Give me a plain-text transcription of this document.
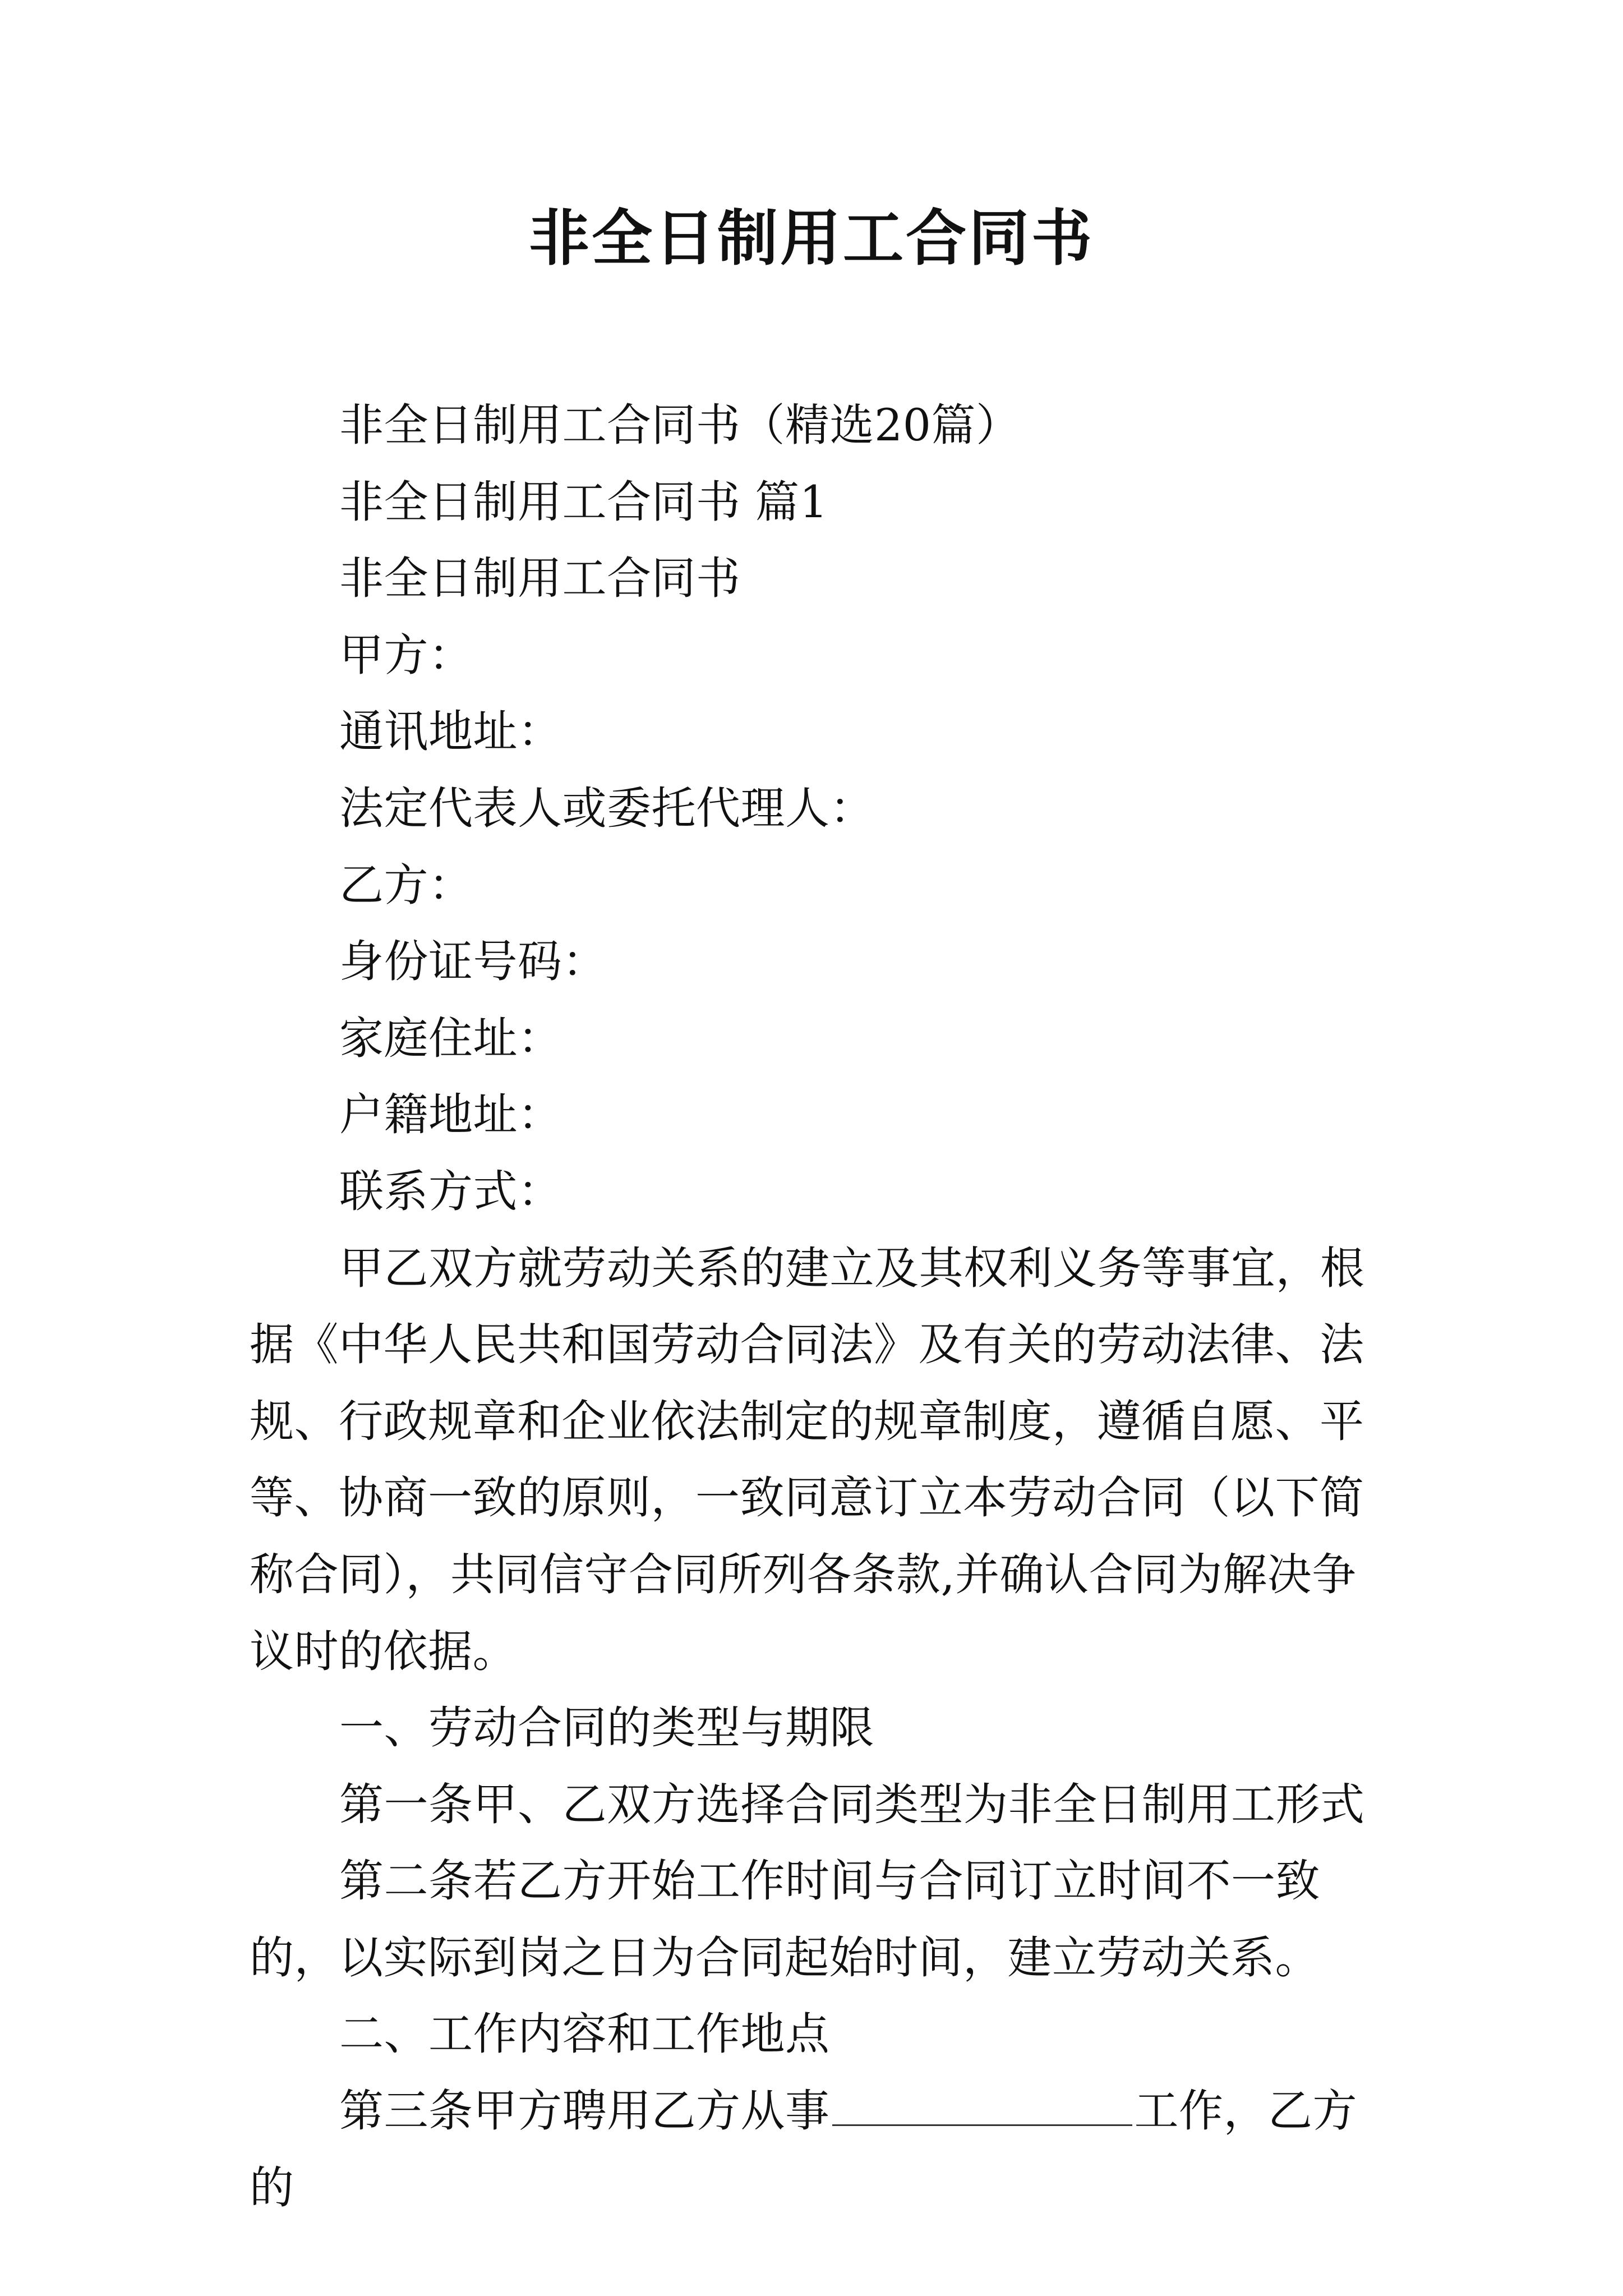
非全日制用工合同书

非全日制用工合同书（精选20篇）

非全日制用工合同书 篇1

非全日制用工合同书

甲方：

通讯地址：

法定代表人或委托代理人：

乙方：

身份证号码：

家庭住址：

户籍地址：

联系方式：

甲乙双方就劳动关系的建立及其权利义务等事宜，根据《中华人民共和国劳动合同法》及有关的劳动法律、法规、行政规章和企业依法制定的规章制度，遵循自愿、平等、协商一致的原则，一致同意订立本劳动合同（以下简称合同），共同信守合同所列各条款,并确认合同为解决争议时的依据。

一、劳动合同的类型与期限

第一条甲、乙双方选择合同类型为非全日制用工形式

第二条若乙方开始工作时间与合同订立时间不一致的，以实际到岗之日为合同起始时间，建立劳动关系。

二、工作内容和工作地点

第三条甲方聘用乙方从事	工作，乙方的
